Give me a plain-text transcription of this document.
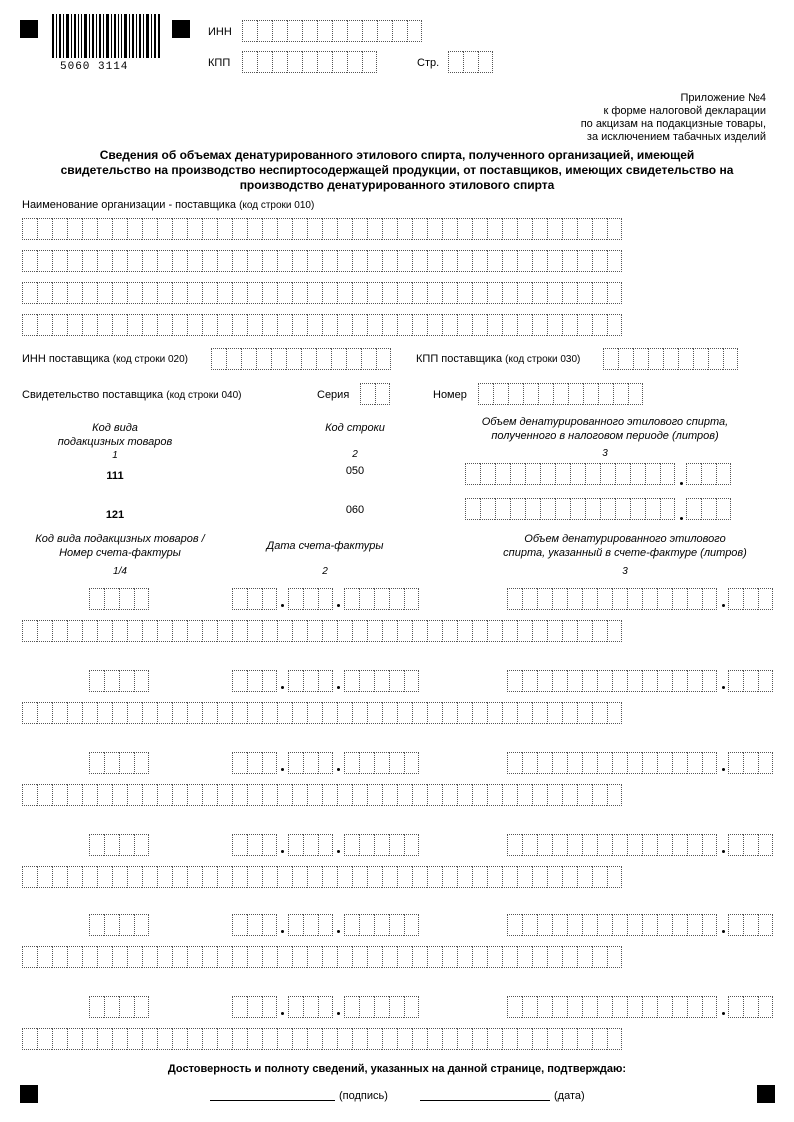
5060 3114
ИНН
КПП	Стр.
Приложение №4
к форме налоговой декларации
по акцизам на подакцизные товары,
за исключением табачных изделий
Сведения об объемах денатурированного этилового спирта, полученного организацией, имеющей
свидетельство на производство неспиртосодержащей продукции, от поставщиков, имеющих свидетельство на
производство денатурированного этилового спирта
Наименование организации - поставщика (код строки 010)
ИНН поставщика (код строки 020)	КПП поставщика (код строки 030)
Свидетельство поставщика (код строки 040)	Серия	Номер
Код вида
подакцизных товаров
1
Код строки
2
Объем денатурированного этилового спирта,
полученного в налоговом периоде (литров)
3
111	050
121	060
Код вида подакцизных товаров /
Номер счета-фактуры
1/4
Дата счета-фактуры
2
Объем денатурированного этилового
спирта, указанный в счете-фактуре (литров)
3
Достоверность и полноту сведений, указанных на данной странице, подтверждаю:
(подпись)	(дата)
